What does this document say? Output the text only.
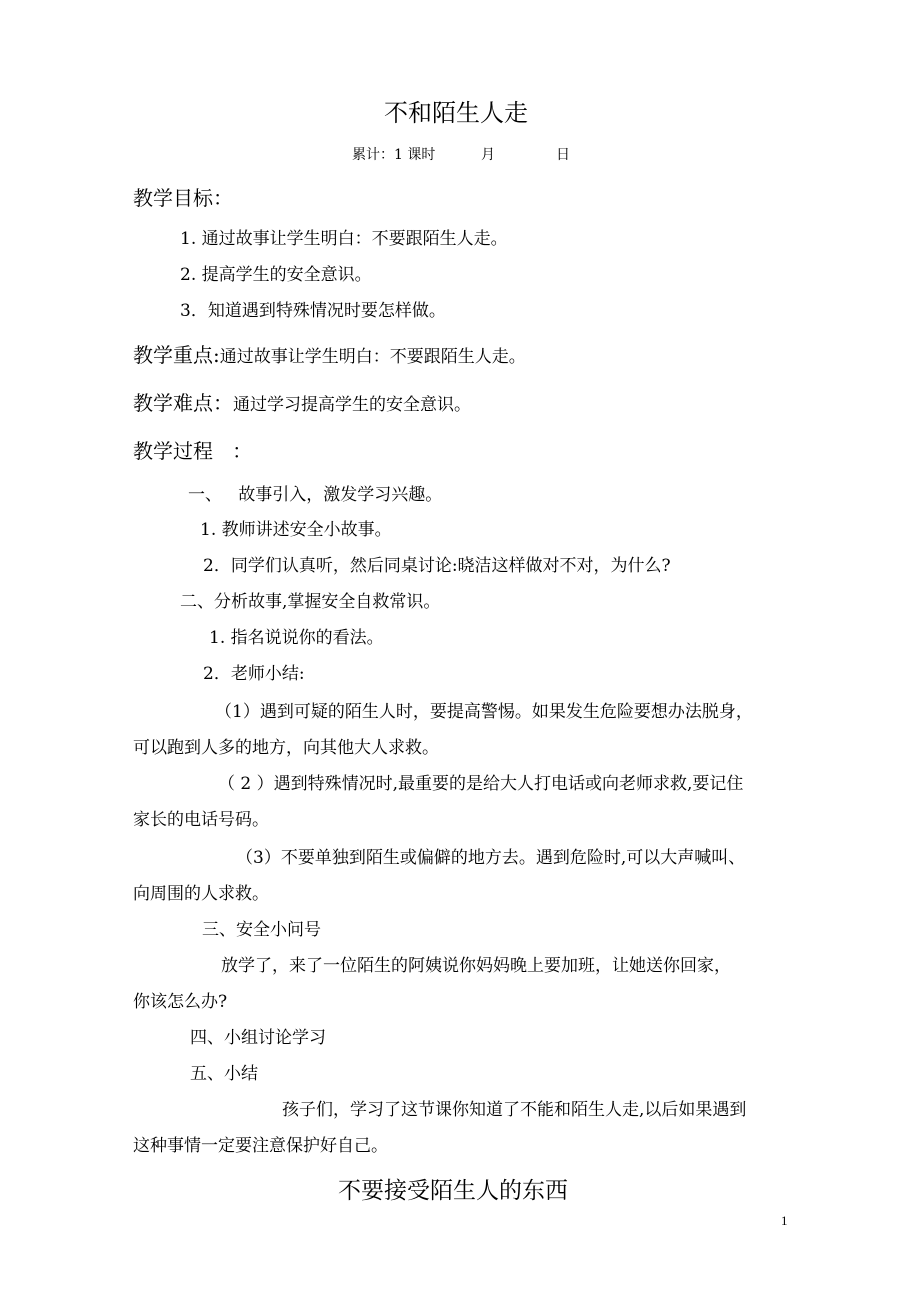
不和陌生人走
累计：1 课时	月	日
教学目标：
1. 通过故事让学生明白：不要跟陌生人走。
2. 提高学生的安全意识。
3．知道遇到特殊情况时要怎样做。
教学重点:通过故事让学生明白：不要跟陌生人走。
教学难点：通过学习提高学生的安全意识。
教学过程   ：
一、   故事引入，激发学习兴趣。
1. 教师讲述安全小故事。
2．同学们认真听，然后同桌讨论:晓洁这样做对不对，为什么?
二、分析故事,掌握安全自救常识。
1. 指名说说你的看法。
2．老师小结:
（1）遇到可疑的陌生人时，要提高警惕。如果发生危险要想办法脱身，
可以跑到人多的地方，向其他大人求救。
（ 2 ）遇到特殊情况时,最重要的是给大人打电话或向老师求救,要记住
家长的电话号码。
（3）不要单独到陌生或偏僻的地方去。遇到危险时,可以大声喊叫、
向周围的人求救。
三、安全小问号
放学了，来了一位陌生的阿姨说你妈妈晚上要加班，让她送你回家，
你该怎么办?
四、小组讨论学习
五、小结
孩子们，学习了这节课你知道了不能和陌生人走,以后如果遇到
这种事情一定要注意保护好自己。
不要接受陌生人的东西
1
